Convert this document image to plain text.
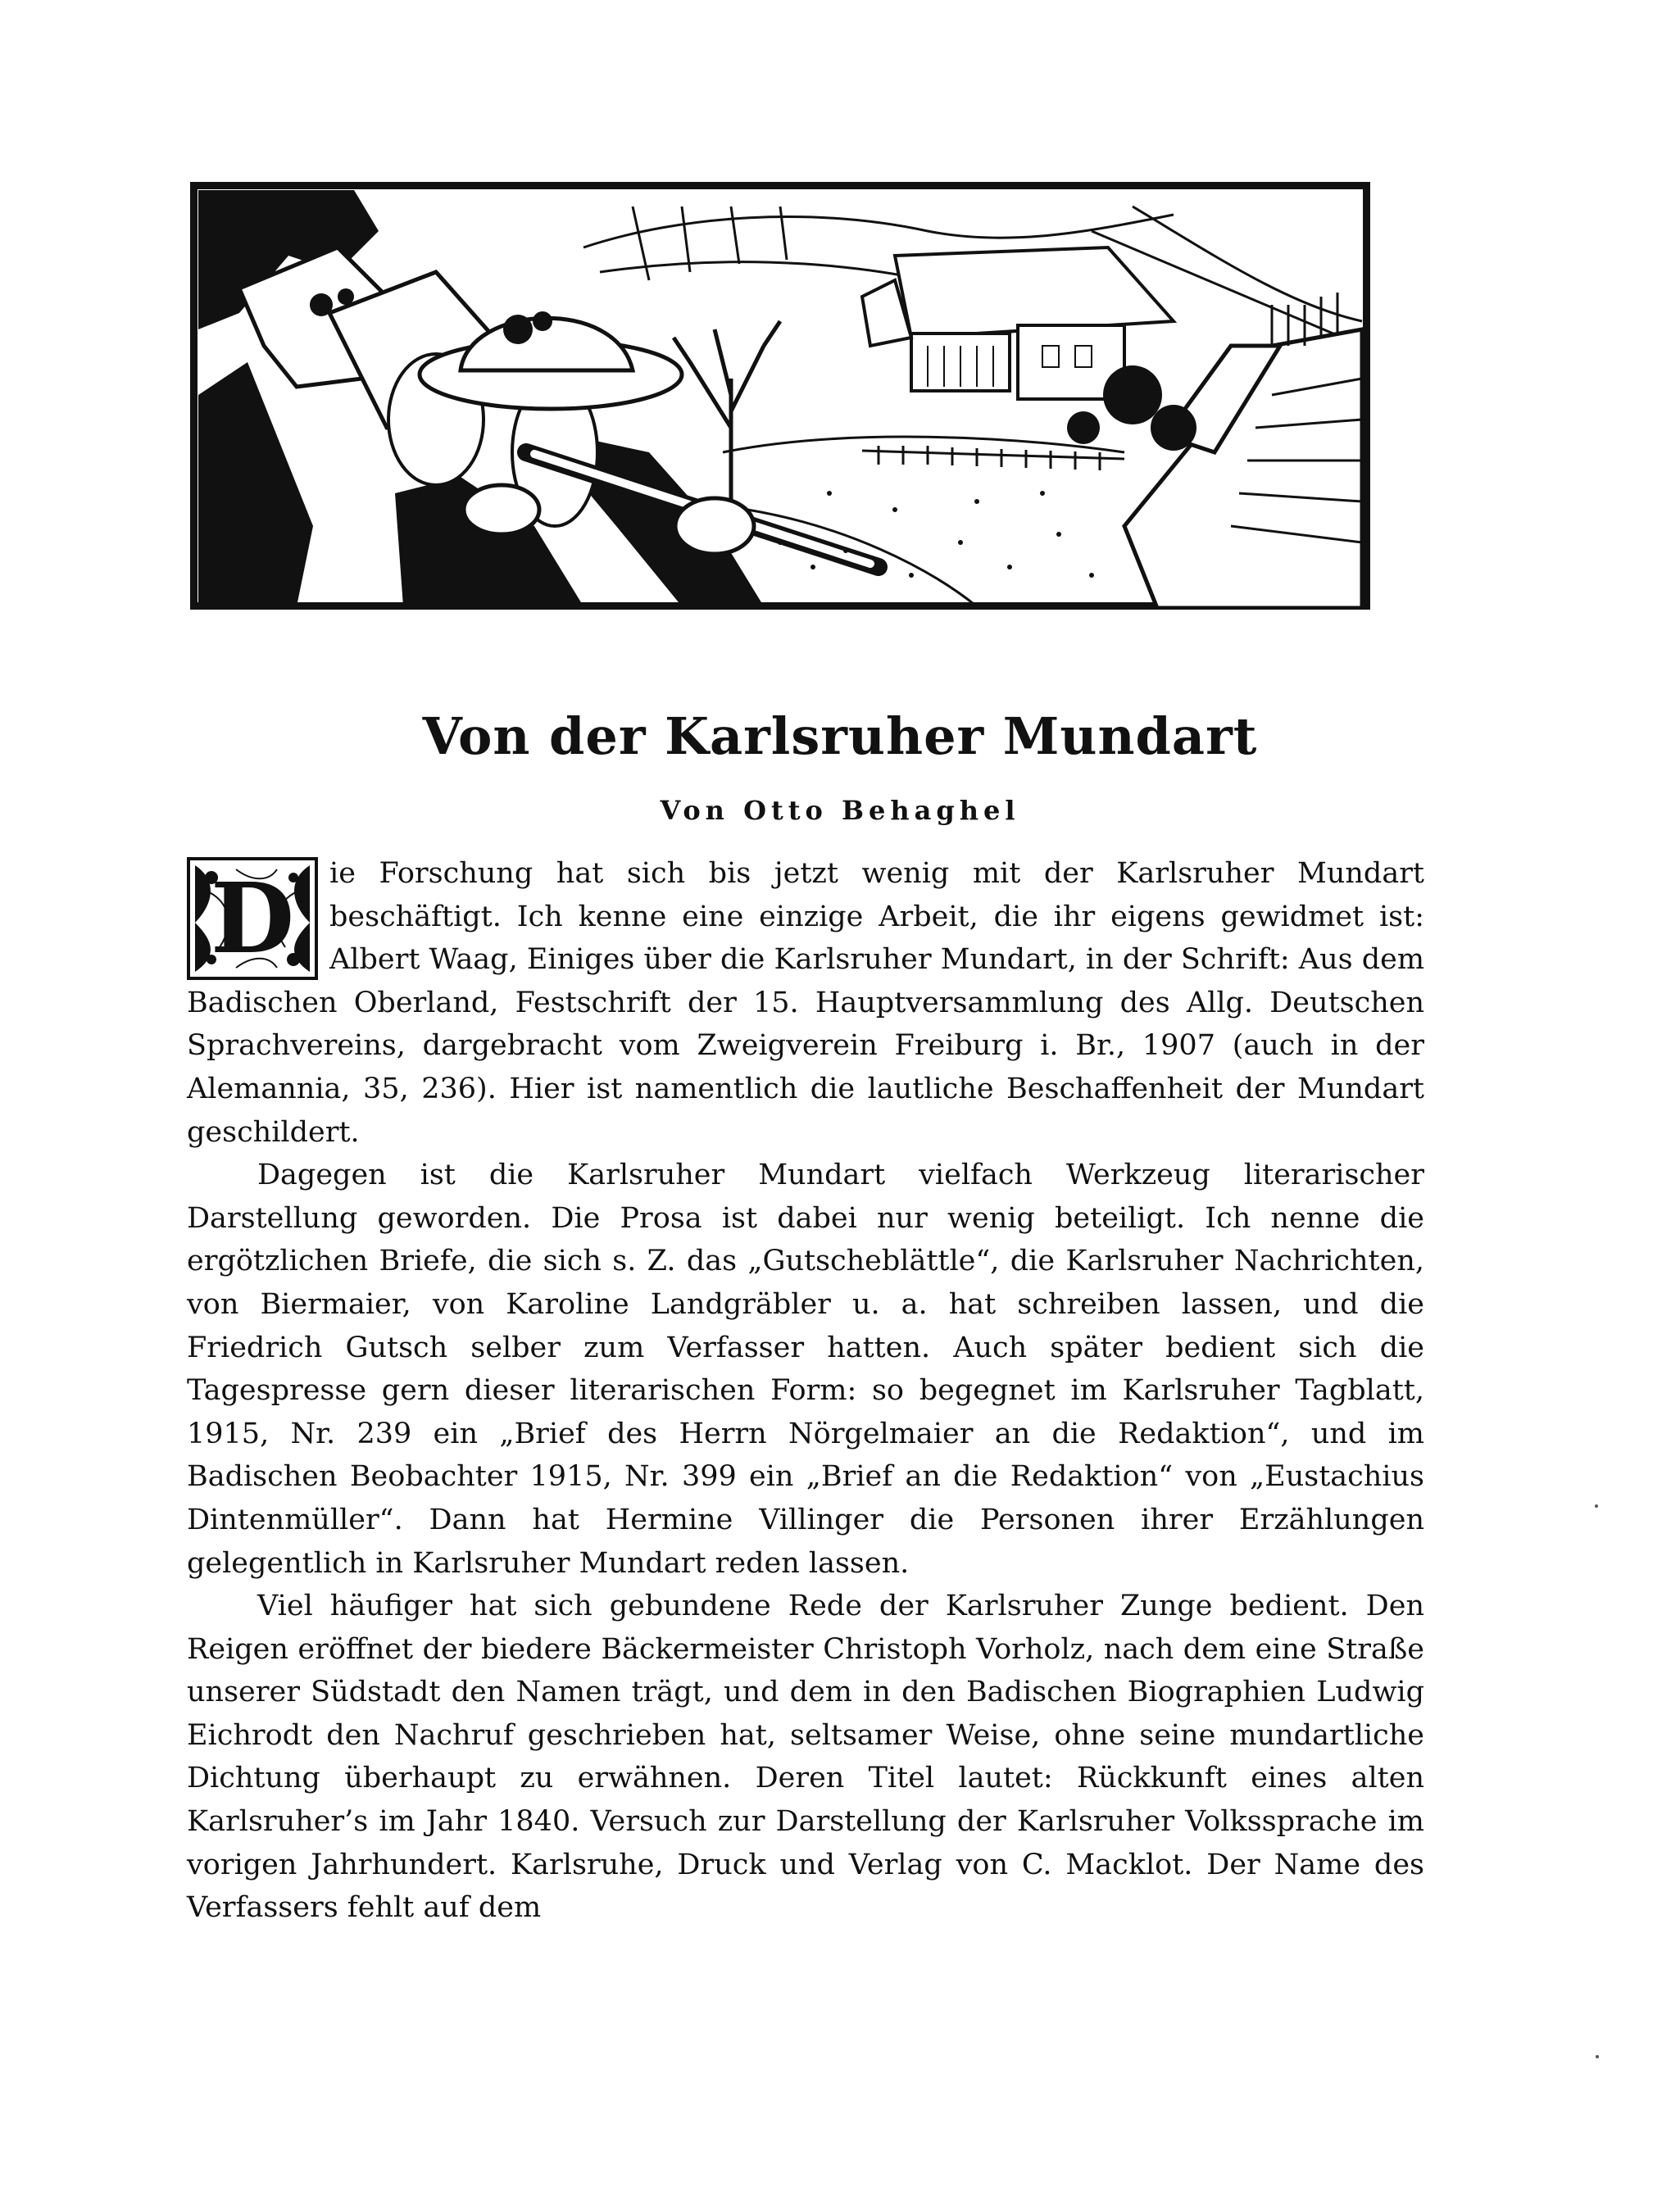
Von der Karlsruher Mundart

Von Otto Behaghel

D	ie Forschung hat sich bis jetzt wenig mit der Karlsruher Mundart beschäftigt. Ich kenne eine einzige Arbeit, die ihr eigens gewidmet ist: Albert Waag, Einiges über die Karlsruher Mundart, in der Schrift: Aus dem Badischen Oberland, Festschrift der 15. Hauptversammlung des Allg. Deutschen Sprachvereins, dargebracht vom Zweigverein Freiburg i. Br., 1907 (auch in der Alemannia, 35, 236). Hier ist namentlich die lautliche Beschaffenheit der Mundart geschildert.

Dagegen ist die Karlsruher Mundart vielfach Werkzeug literarischer Darstellung geworden. Die Prosa ist dabei nur wenig beteiligt. Ich nenne die ergötzlichen Briefe, die sich s. Z. das „Gutscheblättle“, die Karlsruher Nachrichten, von Biermaier, von Karoline Landgräbler u. a. hat schreiben lassen, und die Friedrich Gutsch selber zum Verfasser hatten. Auch später bedient sich die Tagespresse gern dieser literarischen Form: so begegnet im Karlsruher Tagblatt, 1915, Nr. 239 ein „Brief des Herrn Nörgelmaier an die Redaktion“, und im Badischen Beobachter 1915, Nr. 399 ein „Brief an die Redaktion“ von „Eustachius Dintenmüller“. Dann hat Hermine Villinger die Personen ihrer Erzählungen gelegentlich in Karlsruher Mundart reden lassen.

Viel häufiger hat sich gebundene Rede der Karlsruher Zunge bedient. Den Reigen eröffnet der biedere Bäckermeister Christoph Vorholz, nach dem eine Straße unserer Südstadt den Namen trägt, und dem in den Badischen Biographien Ludwig Eichrodt den Nachruf geschrieben hat, seltsamer Weise, ohne seine mundartliche Dichtung überhaupt zu erwähnen. Deren Titel lautet: Rückkunft eines alten Karlsruher’s im Jahr 1840. Versuch zur Darstellung der Karlsruher Volkssprache im vorigen Jahrhundert. Karlsruhe, Druck und Verlag von C. Macklot. Der Name des Verfassers fehlt auf dem
